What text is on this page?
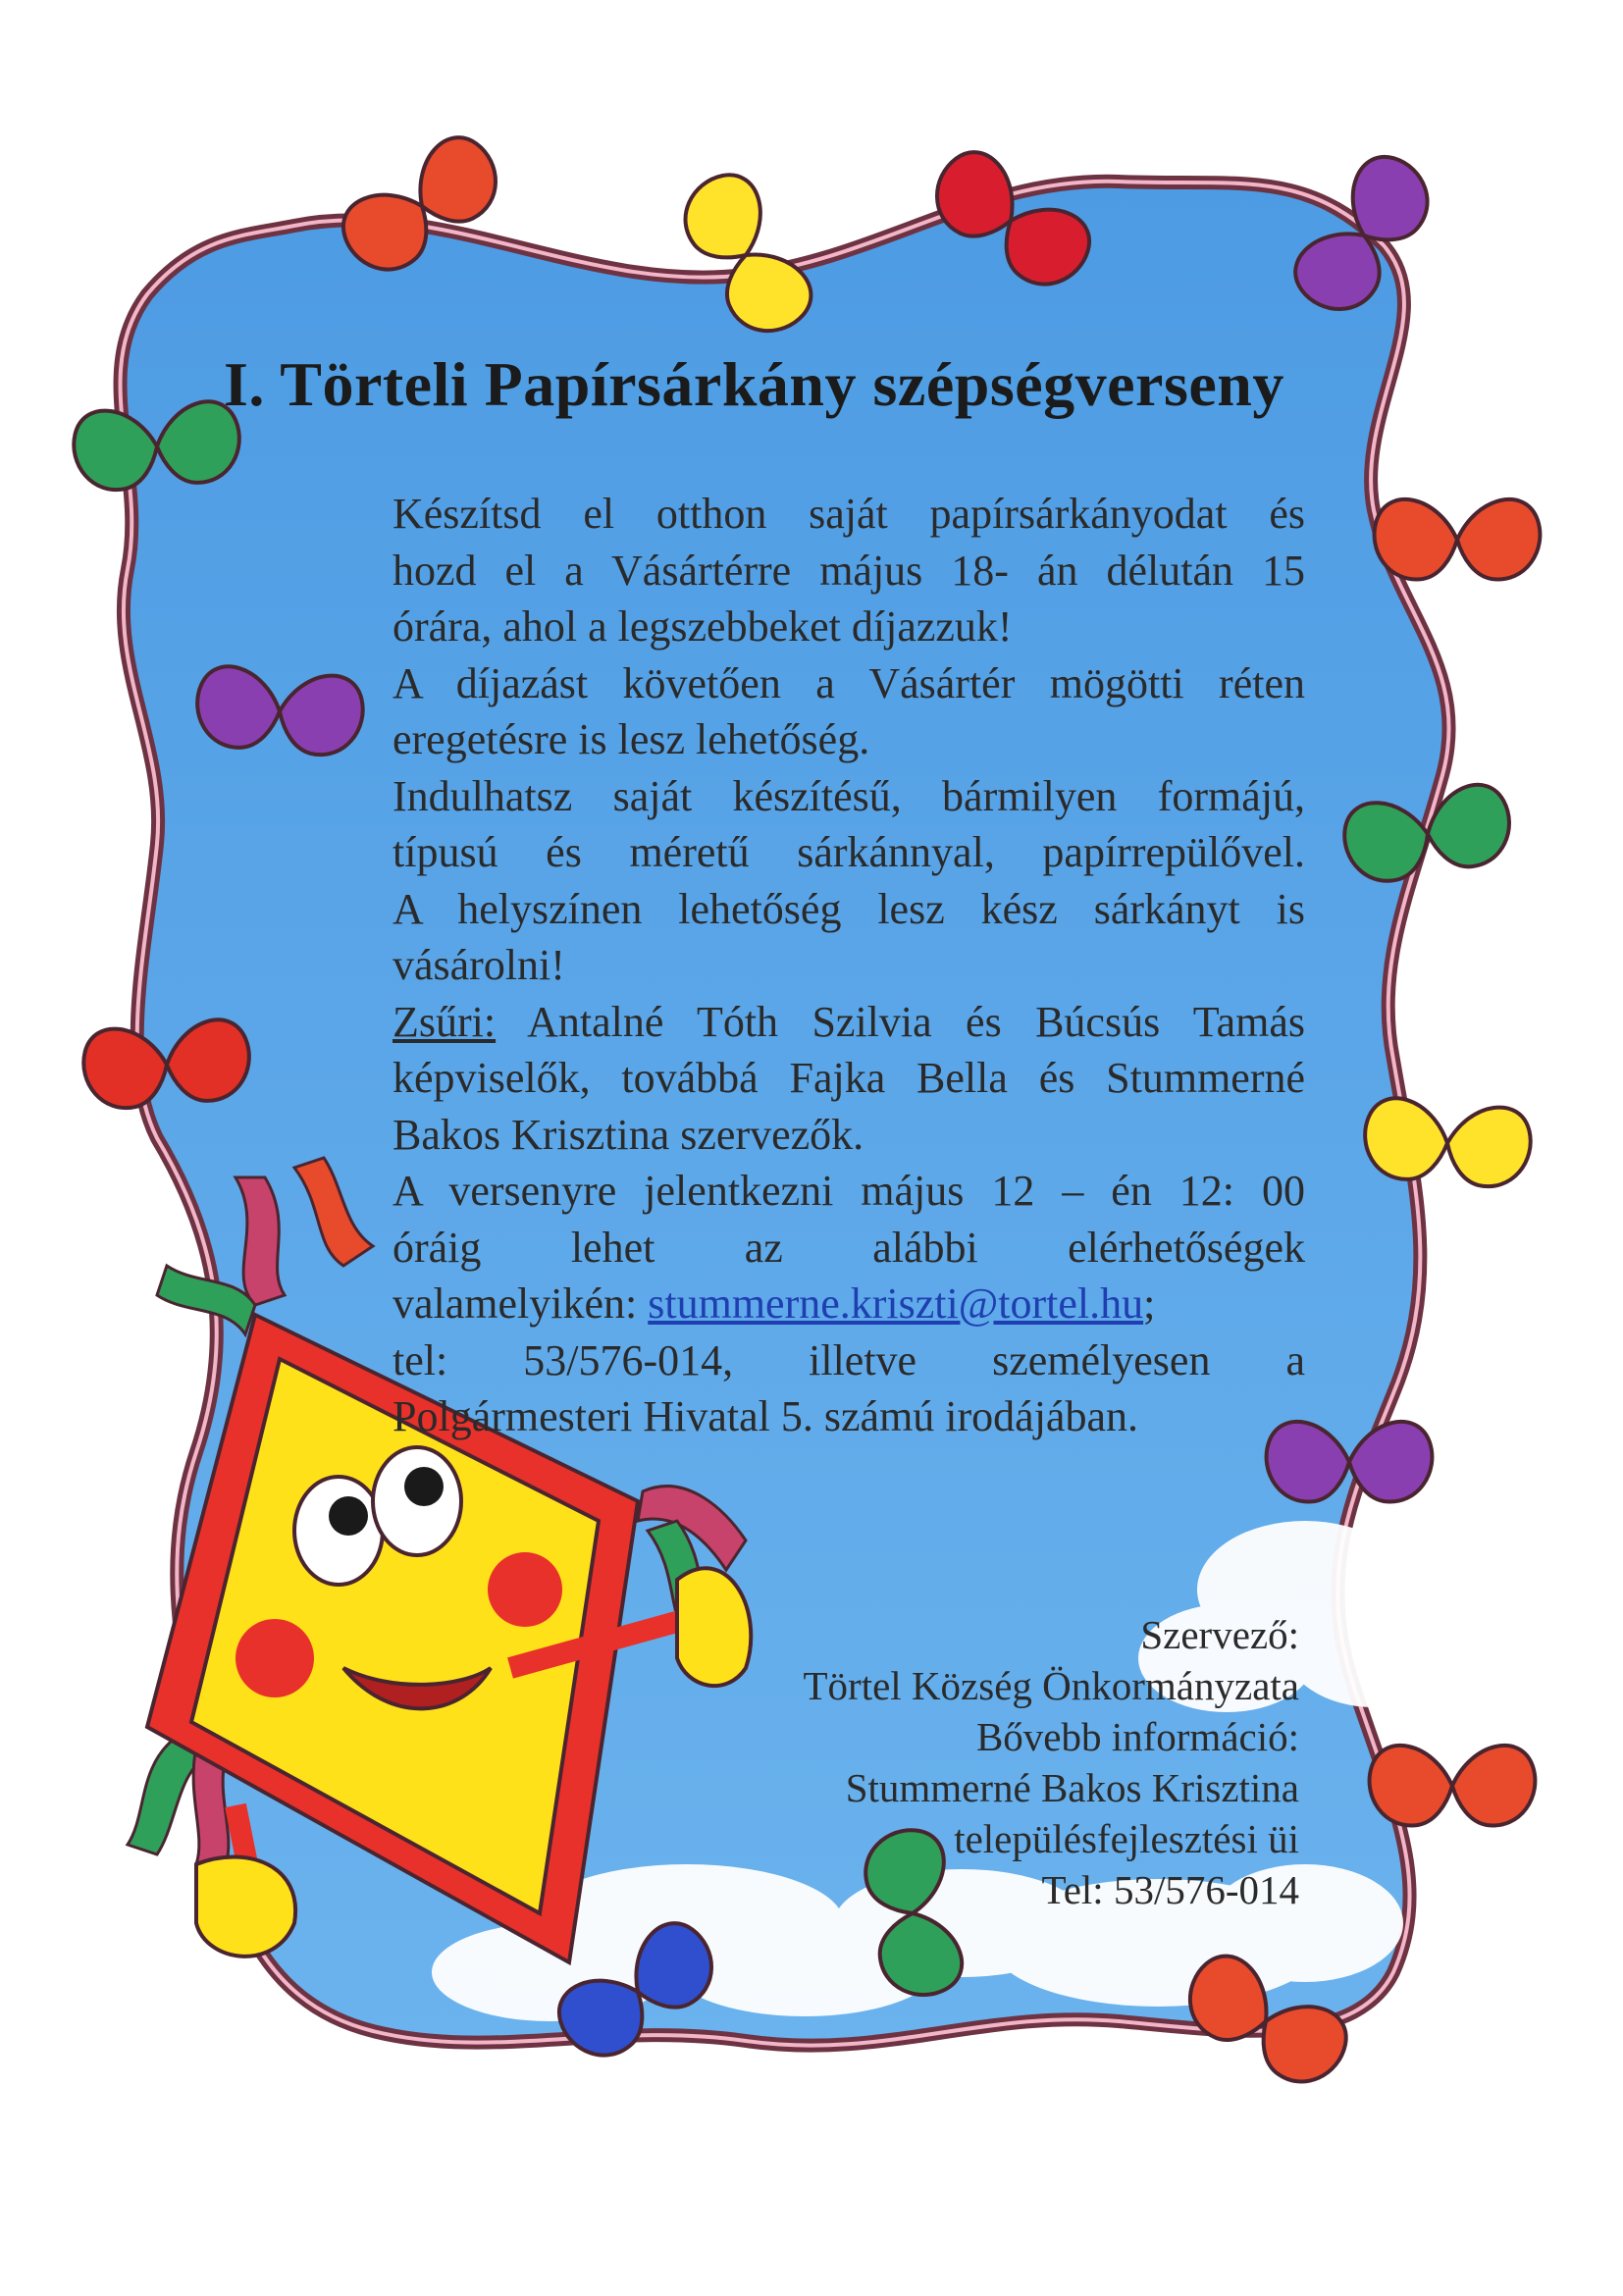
I. Törteli Papírsárkány szépségverseny

Készítsd el otthon saját papírsárkányodat és

hozd el a Vásártérre május 18- án délután 15

órára, ahol a legszebbeket díjazzuk!

A díjazást követően a Vásártér mögötti réten

eregetésre is lesz lehetőség.

Indulhatsz saját készítésű, bármilyen formájú,

típusú és méretű sárkánnyal, papírrepülővel.

A helyszínen lehetőség lesz kész sárkányt is

vásárolni!

Zsűri: Antalné Tóth Szilvia és Búcsús Tamás

képviselők, továbbá Fajka Bella és Stummerné

Bakos Krisztina szervezők.

A versenyre jelentkezni május 12 – én 12: 00

óráig lehet az alábbi elérhetőségek

valamelyikén: stummerne.kriszti@tortel.hu;

tel: 53/576-014, illetve személyesen a

Polgármesteri Hivatal 5. számú irodájában.

Szervező:
Törtel Község Önkormányzata
Bővebb információ:
Stummerné Bakos Krisztina
településfejlesztési üi
Tel: 53/576-014
